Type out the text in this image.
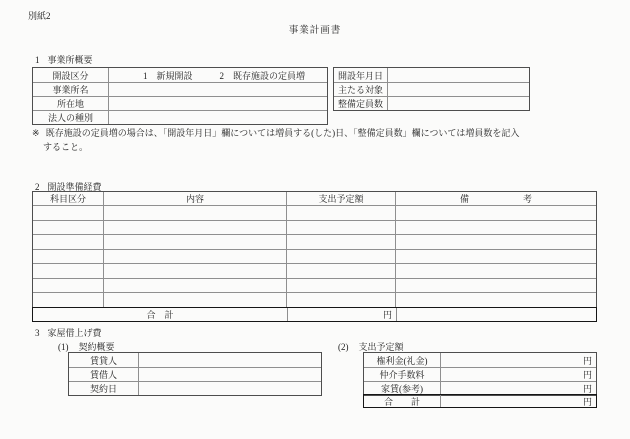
別紙2
事業計画書
1 事業所概要
開設区分	1　新規開設　　　2　既存施設の定員増
事業所名
所在地
法人の種別
開設年月日
主たる対象
整備定員数
※ 既存施設の定員増の場合は、「開設年月日」欄については増員する(した)日、「整備定員数」欄については増員数を記入
すること。
2 開設準備経費
科目区分	内容	支出予定額	備　　　　　　考
合　計	円
3 家屋借上げ費
(1) 契約概要
賃貸人
賃借人
契約日
(2) 支出予定額
権利金(礼金)	円
仲介手数料	円
家賃(参考)	円
合　　計	円
